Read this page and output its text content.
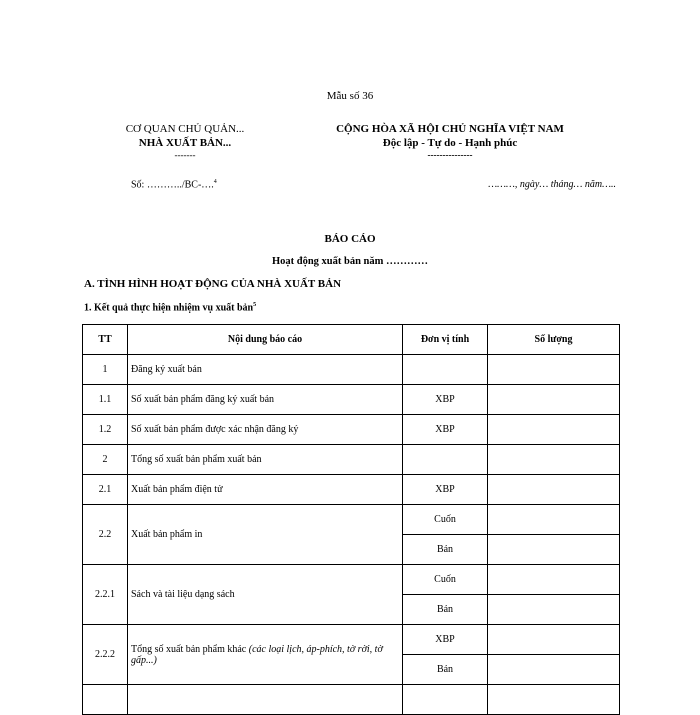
Mẫu số 36
CƠ QUAN CHỦ QUẢN...
NHÀ XUẤT BẢN...
-------
CỘNG HÒA XÃ HỘI CHỦ NGHĨA VIỆT NAM
Độc lập - Tự do - Hạnh phúc
---------------
Số: ………../BC-….$^4$	………, ngày… tháng… năm…..
BÁO CÁO
Hoạt động xuất bản năm …………
A. TÌNH HÌNH HOẠT ĐỘNG CỦA NHÀ XUẤT BẢN
1. Kết quả thực hiện nhiệm vụ xuất bản$^5$
TT	Nội dung báo cáo	Đơn vị tính	Số lượng
1	Đăng ký xuất bản		
1.1	Số xuất bản phẩm đăng ký xuất bản	XBP	
1.2	Số xuất bản phẩm được xác nhận đăng ký	XBP	
2	Tổng số xuất bản phẩm xuất bản		
2.1	Xuất bản phẩm điện tử	XBP	
2.2	Xuất bản phẩm in	Cuốn	
		Bản	
2.2.1	Sách và tài liệu dạng sách	Cuốn	
		Bản	
2.2.2	Tổng số xuất bản phẩm khác (các loại lịch, áp-phích, tờ rời, tờ gấp...)	XBP	
		Bản	
